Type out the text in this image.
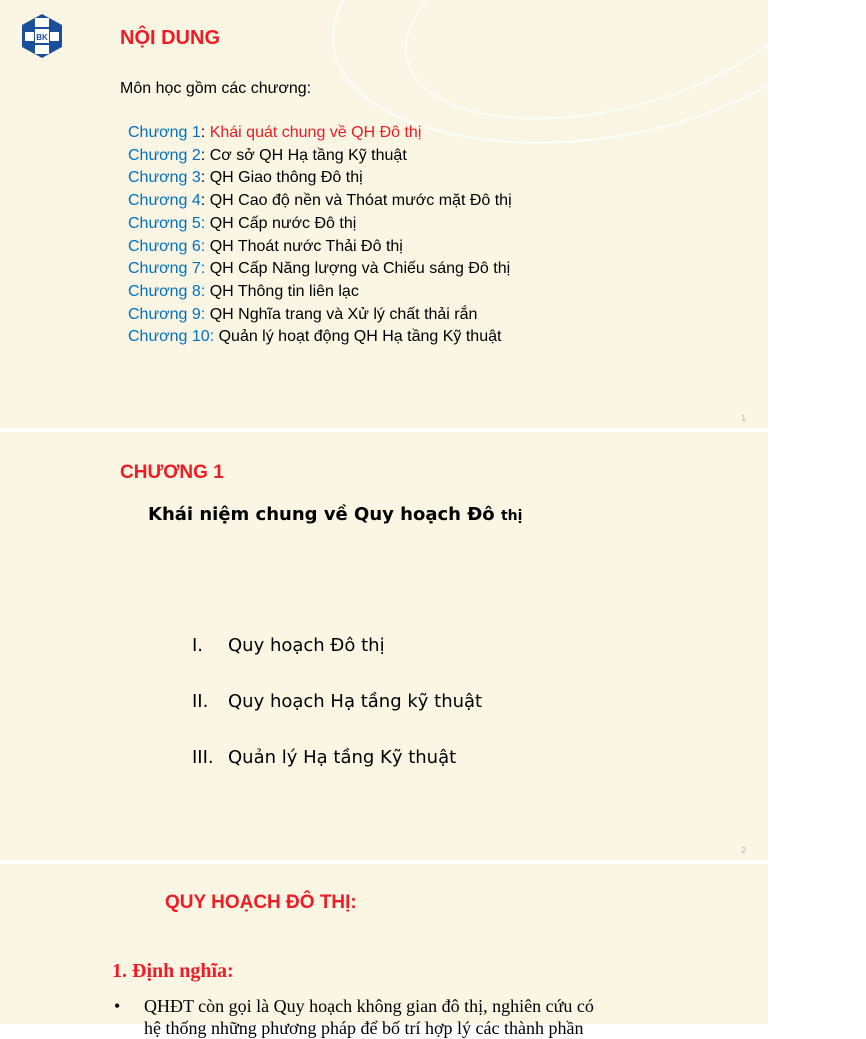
BK	NỘI DUNG
Môn học gồm các chương:
Chương 1: Khái quát chung về QH Đô thị
Chương 2: Cơ sở QH Hạ tầng Kỹ thuật
Chương 3: QH Giao thông Đô thị
Chương 4: QH Cao độ nền và Thóat mước mặt Đô thị
Chương 5: QH Cấp nước Đô thị
Chương 6: QH Thoát nước Thải Đô thị
Chương 7: QH Cấp Năng lượng và Chiếu sáng Đô thị
Chương 8: QH Thông tin liên lạc
Chương 9: QH Nghĩa trang và Xử lý chất thải rắn
Chương 10: Quản lý hoạt động QH Hạ tầng Kỹ thuật
1
CHƯƠNG 1
Khái niệm chung về Quy hoạch Đô thị
I. Quy hoạch Đô thị
II. Quy hoạch Hạ tầng kỹ thuật
III. Quản lý Hạ tầng Kỹ thuật
2
QUY HOẠCH ĐÔ THỊ:
1. Định nghĩa:
• QHĐT còn gọi là Quy hoạch không gian đô thị, nghiên cứu có
hệ thống những phương pháp để bố trí hợp lý các thành phần
